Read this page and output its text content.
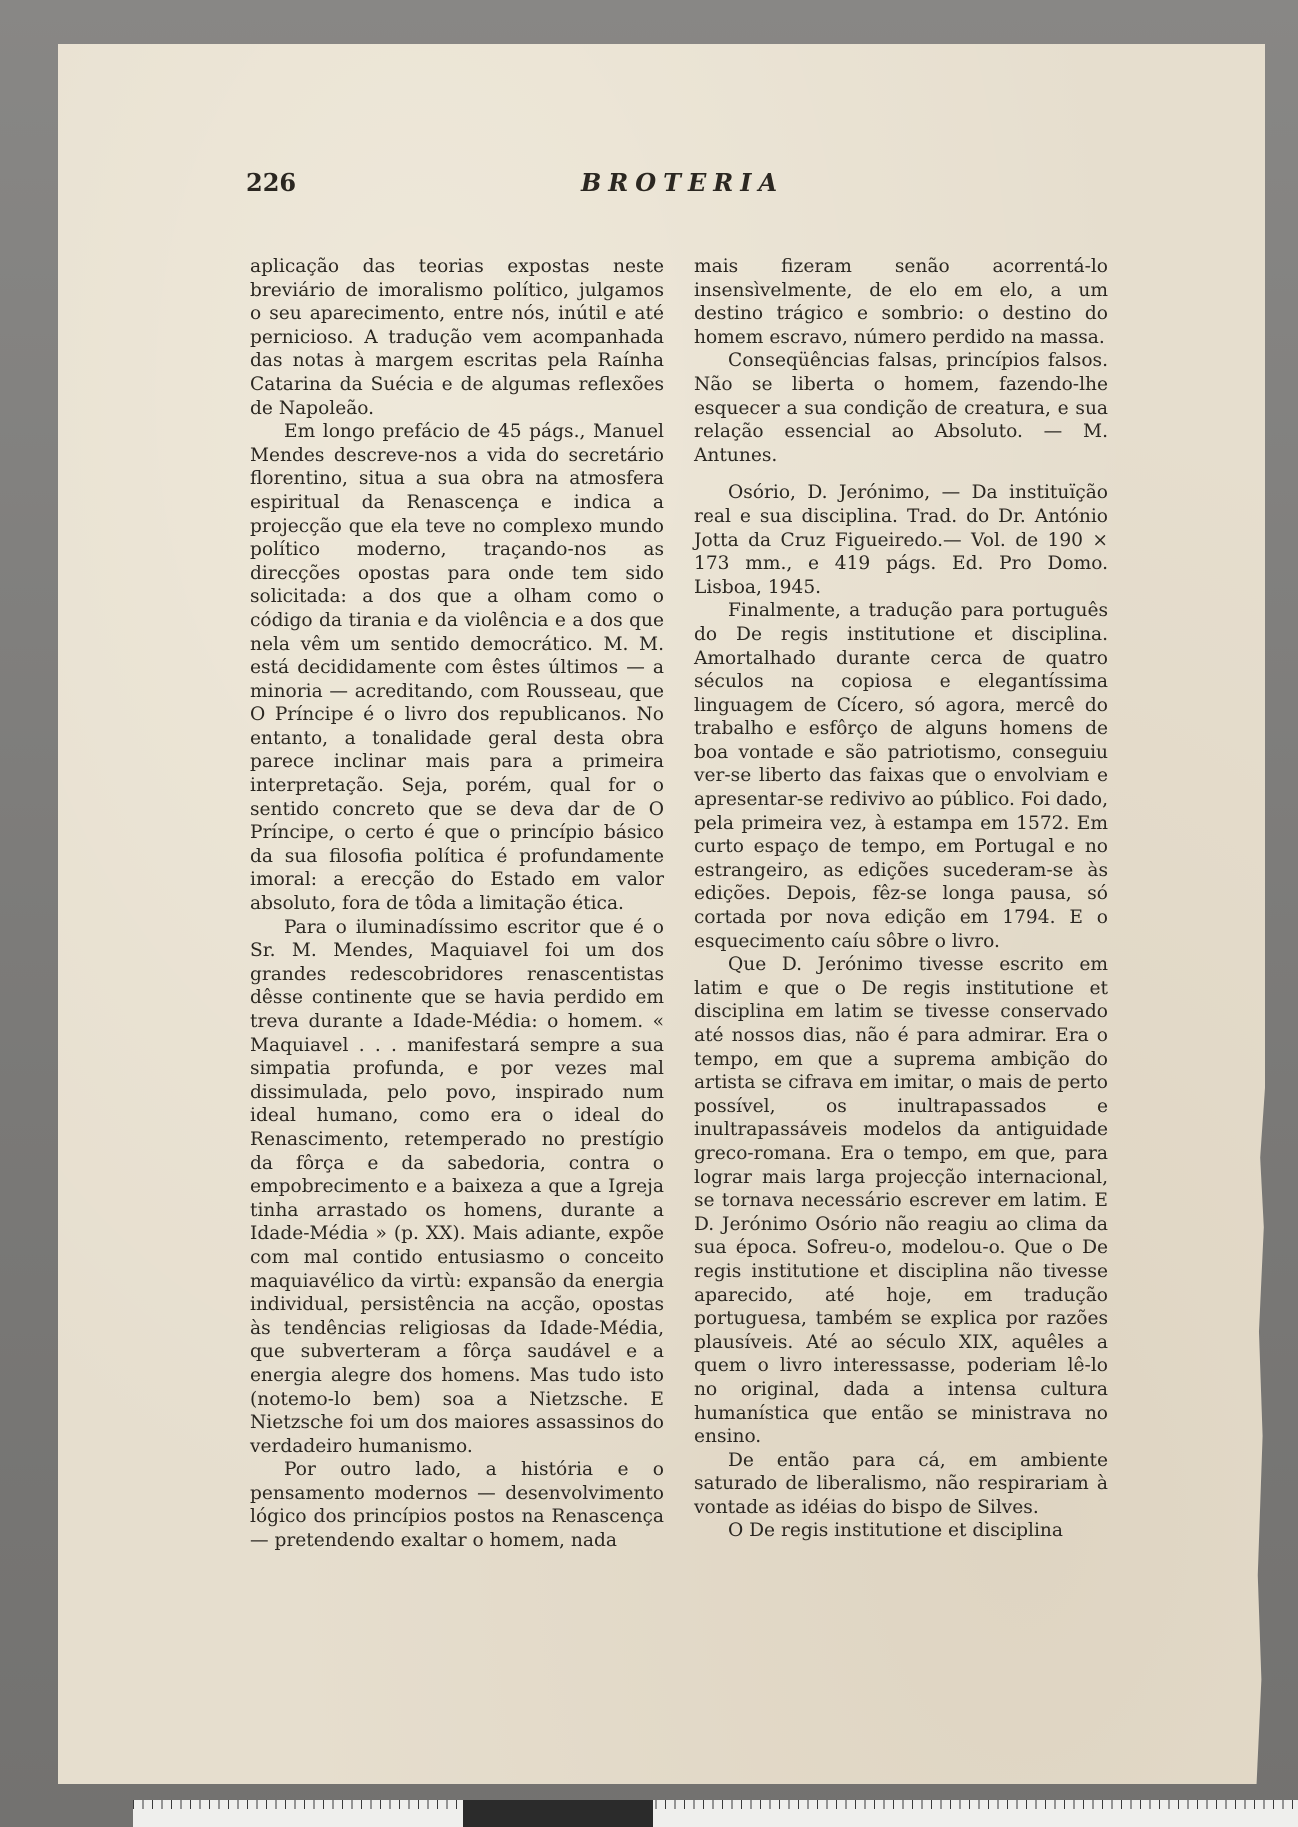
226	BROTERIA

aplicação das teorias expostas neste breviário de imoralismo político, julgamos o seu aparecimento, entre nós, inútil e até pernicioso. A tradução vem acompanhada das notas à margem escritas pela Raínha Catarina da Suécia e de algumas reflexões de Napoleão.

Em longo prefácio de 45 págs., Manuel Mendes descreve-nos a vida do secretário florentino, situa a sua obra na atmosfera espiritual da Renascença e indica a projecção que ela teve no complexo mundo político moderno, traçando-nos as direcções opostas para onde tem sido solicitada: a dos que a olham como o código da tirania e da violência e a dos que nela vêm um sentido democrático. M. M. está decididamente com êstes últimos — a minoria — acreditando, com Rousseau, que O Príncipe é o livro dos republicanos. No entanto, a tonalidade geral desta obra parece inclinar mais para a primeira interpretação. Seja, porém, qual for o sentido concreto que se deva dar de O Príncipe, o certo é que o princípio básico da sua filosofia política é profundamente imoral: a erecção do Estado em valor absoluto, fora de tôda a limitação ética.

Para o iluminadíssimo escritor que é o Sr. M. Mendes, Maquiavel foi um dos grandes redescobridores renascentistas dêsse continente que se havia perdido em treva durante a Idade-Média: o homem. « Maquiavel . . . manifestará sempre a sua simpatia profunda, e por vezes mal dissimulada, pelo povo, inspirado num ideal humano, como era o ideal do Renascimento, retemperado no prestígio da fôrça e da sabedoria, contra o empobrecimento e a baixeza a que a Igreja tinha arrastado os homens, durante a Idade-Média » (p. XX). Mais adiante, expõe com mal contido entusiasmo o conceito maquiavélico da virtù: expansão da energia individual, persistência na acção, opostas às tendências religiosas da Idade-Média, que subverteram a fôrça saudável e a energia alegre dos homens. Mas tudo isto (notemo-lo bem) soa a Nietzsche. E Nietzsche foi um dos maiores assassinos do verdadeiro humanismo.

Por outro lado, a história e o pensamento modernos — desenvolvimento lógico dos princípios postos na Renascença — pretendendo exaltar o homem, nada

mais fizeram senão acorrentá-lo insensìvelmente, de elo em elo, a um destino trágico e sombrio: o destino do homem escravo, número perdido na massa.

Conseqüências falsas, princípios falsos. Não se liberta o homem, fazendo-lhe esquecer a sua condição de creatura, e sua relação essencial ao Absoluto. — M. Antunes.

Osório, D. Jerónimo, — Da instituïção real e sua disciplina. Trad. do Dr. António Jotta da Cruz Figueiredo.— Vol. de 190 × 173 mm., e 419 págs. Ed. Pro Domo. Lisboa, 1945.

Finalmente, a tradução para português do De regis institutione et disciplina. Amortalhado durante cerca de quatro séculos na copiosa e elegantíssima linguagem de Cícero, só agora, mercê do trabalho e esfôrço de alguns homens de boa vontade e são patriotismo, conseguiu ver-se liberto das faixas que o envolviam e apresentar-se redivivo ao público. Foi dado, pela primeira vez, à estampa em 1572. Em curto espaço de tempo, em Portugal e no estrangeiro, as edições sucederam-se às edições. Depois, fêz-se longa pausa, só cortada por nova edição em 1794. E o esquecimento caíu sôbre o livro.

Que D. Jerónimo tivesse escrito em latim e que o De regis institutione et disciplina em latim se tivesse conservado até nossos dias, não é para admirar. Era o tempo, em que a suprema ambição do artista se cifrava em imitar, o mais de perto possível, os inultrapassados e inultrapassáveis modelos da antiguidade greco-romana. Era o tempo, em que, para lograr mais larga projecção internacional, se tornava necessário escrever em latim. E D. Jerónimo Osório não reagiu ao clima da sua época. Sofreu-o, modelou-o. Que o De regis institutione et disciplina não tivesse aparecido, até hoje, em tradução portuguesa, também se explica por razões plausíveis. Até ao século XIX, aquêles a quem o livro interessasse, poderiam lê-lo no original, dada a intensa cultura humanística que então se ministrava no ensino.

De então para cá, em ambiente saturado de liberalismo, não respirariam à vontade as idéias do bispo de Silves.

O De regis institutione et disciplina
